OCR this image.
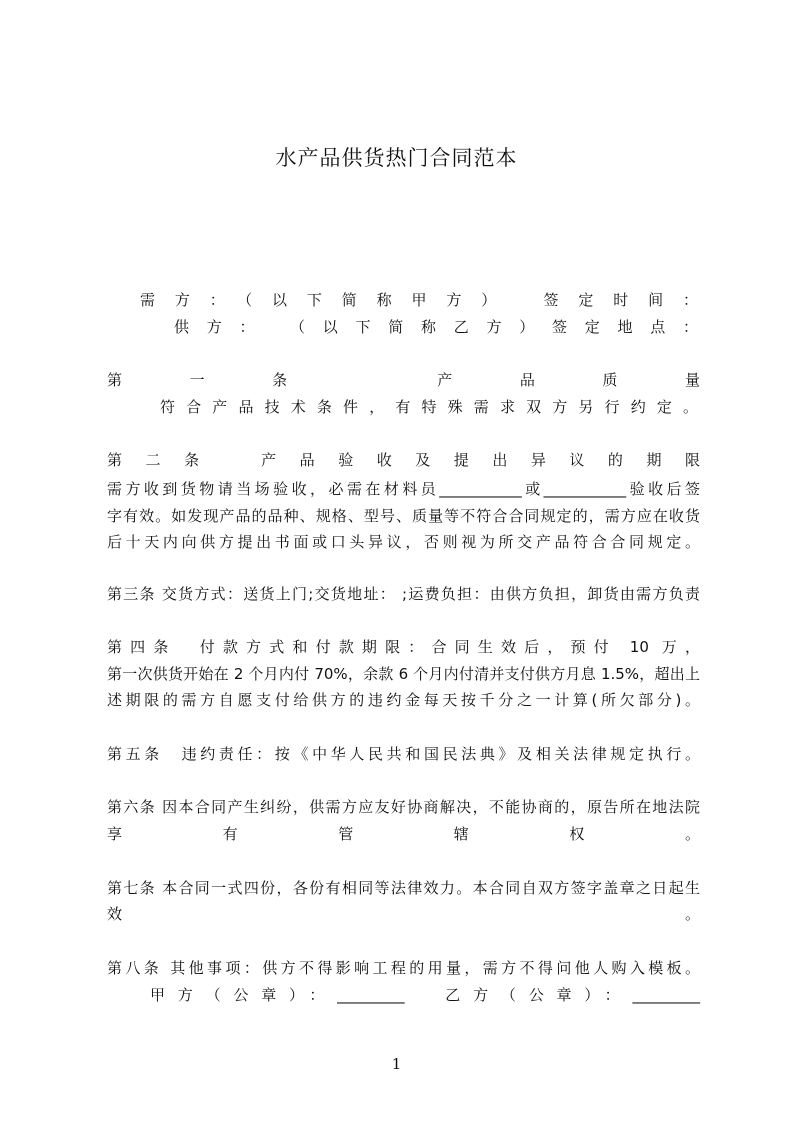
水产品供货热门合同范本
需方：（以下简称甲方）　签定时间：
供方：　（以下简称乙方）签定地点：
第一条　产品质量
符合产品技术条件，有特殊需求双方另行约定。
第二条　产品验收及提出异议的期限
需方收到货物请当场验收，必需在材料员___________或___________验收后签
字有效。如发现产品的品种、规格、型号、质量等不符合合同规定的，需方应在收货
后十天内向供方提出书面或口头异议，否则视为所交产品符合合同规定。
第三条 交货方式：送货上门;交货地址： ;运费负担：由供方负担，卸货由需方负责
第四条　付款方式和付款期限：合同生效后，预付 10 万，
第一次供货开始在 2 个月内付 70%，余款 6 个月内付清并支付供方月息 1.5%，超出上
述期限的需方自愿支付给供方的违约金每天按千分之一计算(所欠部分)。
第五条　违约责任：按《中华人民共和国民法典》及相关法律规定执行。
第六条 因本合同产生纠纷，供需方应友好协商解决，不能协商的，原告所在地法院
享有管辖权。
第七条 本合同一式四份，各份有相同等法律效力。本合同自双方签字盖章之日起生
效。
第八条 其他事项：供方不得影响工程的用量，需方不得问他人购入模板。
甲方（公章）：_________　乙方（公章）：_________
1
